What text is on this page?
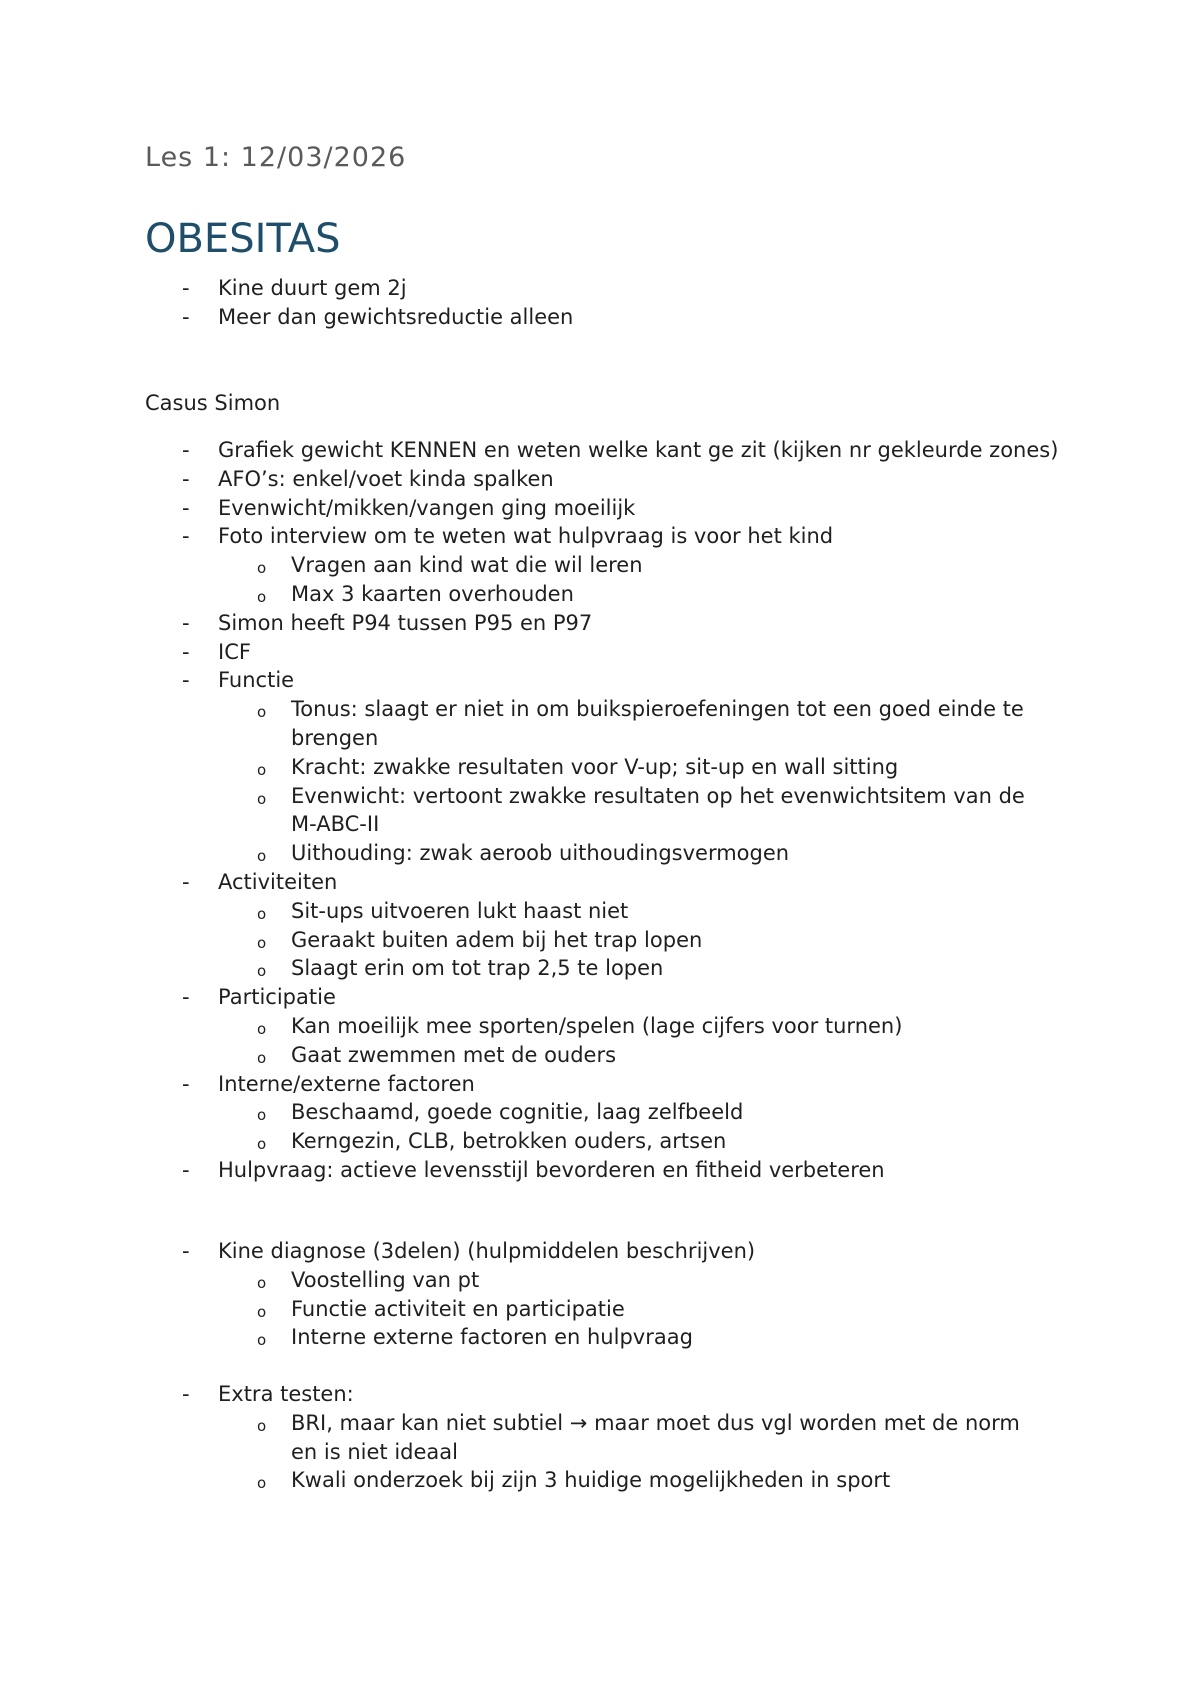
Les 1: 12/03/2026
OBESITAS
- Kine duurt gem 2j
- Meer dan gewichtsreductie alleen
Casus Simon
- Grafiek gewicht KENNEN en weten welke kant ge zit (kijken nr gekleurde zones)
- AFO’s: enkel/voet kinda spalken
- Evenwicht/mikken/vangen ging moeilijk
- Foto interview om te weten wat hulpvraag is voor het kind
o Vragen aan kind wat die wil leren
o Max 3 kaarten overhouden
- Simon heeft P94 tussen P95 en P97
- ICF
- Functie
o Tonus: slaagt er niet in om buikspieroefeningen tot een goed einde te brengen
o Kracht: zwakke resultaten voor V-up; sit-up en wall sitting
o Evenwicht: vertoont zwakke resultaten op het evenwichtsitem van de M-ABC-II
o Uithouding: zwak aeroob uithoudingsvermogen
- Activiteiten
o Sit-ups uitvoeren lukt haast niet
o Geraakt buiten adem bij het trap lopen
o Slaagt erin om tot trap 2,5 te lopen
- Participatie
o Kan moeilijk mee sporten/spelen (lage cijfers voor turnen)
o Gaat zwemmen met de ouders
- Interne/externe factoren
o Beschaamd, goede cognitie, laag zelfbeeld
o Kerngezin, CLB, betrokken ouders, artsen
- Hulpvraag: actieve levensstijl bevorderen en fitheid verbeteren
- Kine diagnose (3delen) (hulpmiddelen beschrijven)
o Voostelling van pt
o Functie activiteit en participatie
o Interne externe factoren en hulpvraag
- Extra testen:
o BRI, maar kan niet subtiel → maar moet dus vgl worden met de norm en is niet ideaal
o Kwali onderzoek bij zijn 3 huidige mogelijkheden in sport
